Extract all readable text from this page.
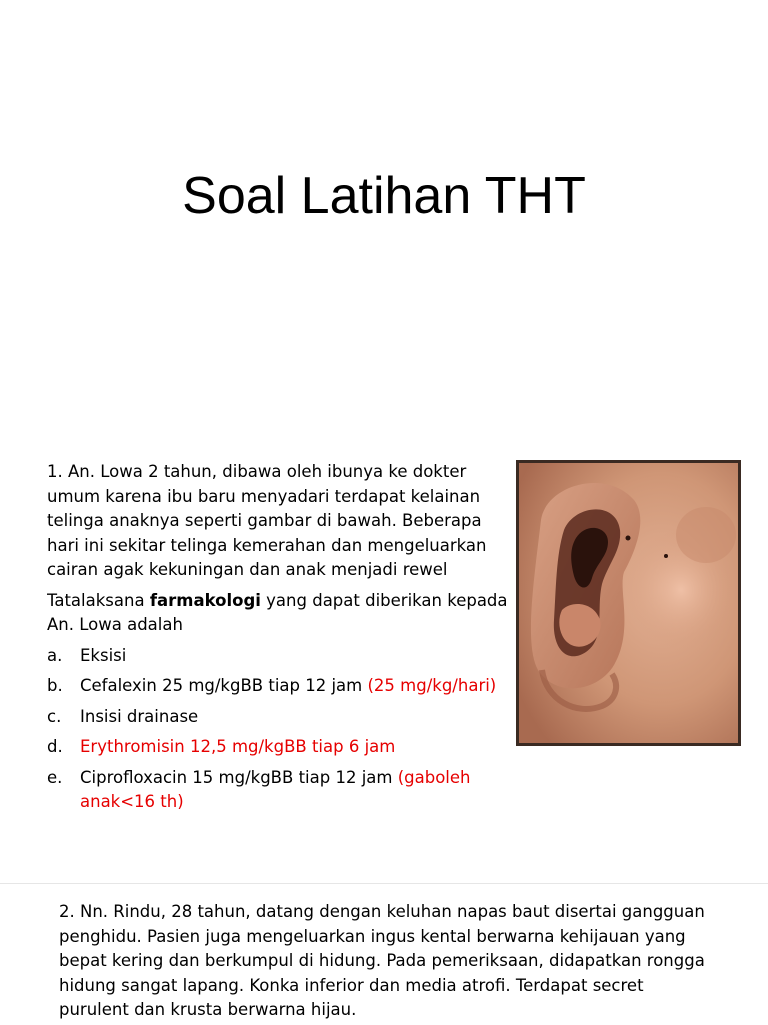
Soal Latihan THT

1. An. Lowa 2 tahun, dibawa oleh ibunya ke dokter umum karena ibu baru menyadari terdapat kelainan telinga anaknya seperti gambar di bawah. Beberapa hari ini sekitar telinga kemerahan dan mengeluarkan cairan agak kekuningan dan anak menjadi rewel

Tatalaksana farmakologi yang dapat diberikan kepada An. Lowa adalah

a.	Eksisi
b.	Cefalexin 25 mg/kgBB tiap 12 jam (25 mg/kg/hari)
c.	Insisi drainase
d.	Erythromisin 12,5 mg/kgBB tiap 6 jam
e.	Ciprofloxacin 15 mg/kgBB tiap 12 jam (gaboleh anak<16 th)

2. Nn. Rindu, 28 tahun, datang dengan keluhan napas baut disertai gangguan penghidu. Pasien juga mengeluarkan ingus kental berwarna kehijauan yang bepat kering dan berkumpul di hidung. Pada pemeriksaan, didapatkan rongga hidung sangat lapang. Konka inferior dan media atrofi. Terdapat secret purulent dan krusta berwarna hijau.
